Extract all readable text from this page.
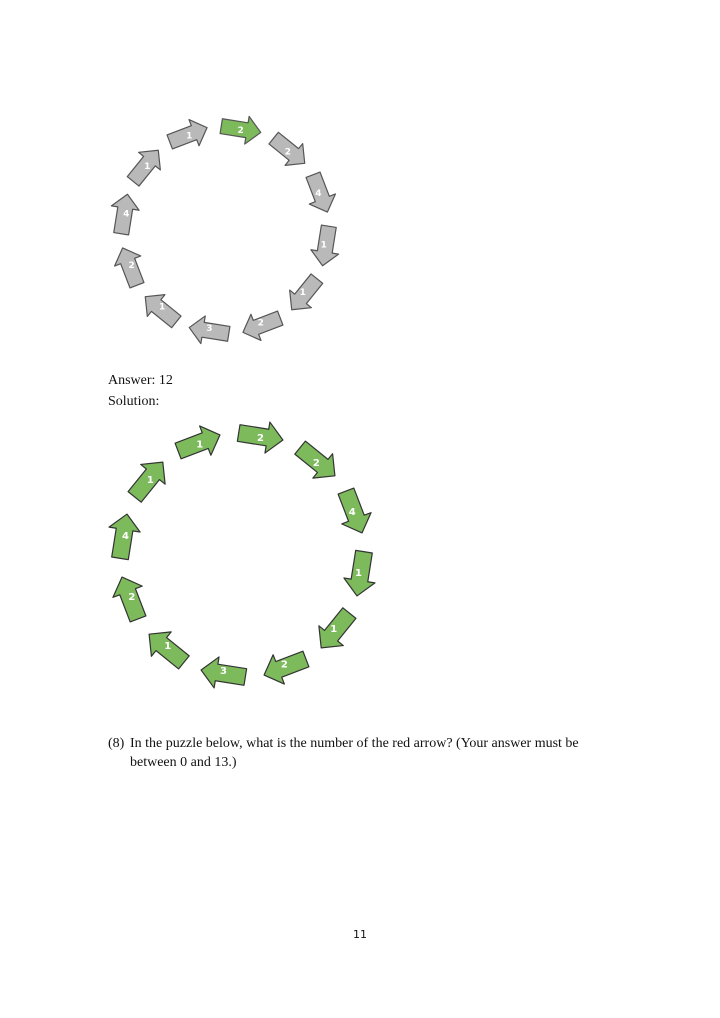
2
2
4
1
1
2
3
1
2
4
1
1
Answer: 12
Solution:
2
2
4
1
1
2
3
1
2
4
1
1
(8) In the puzzle below, what is the number of the red arrow? (Your answer must be between 0 and 13.)
11
